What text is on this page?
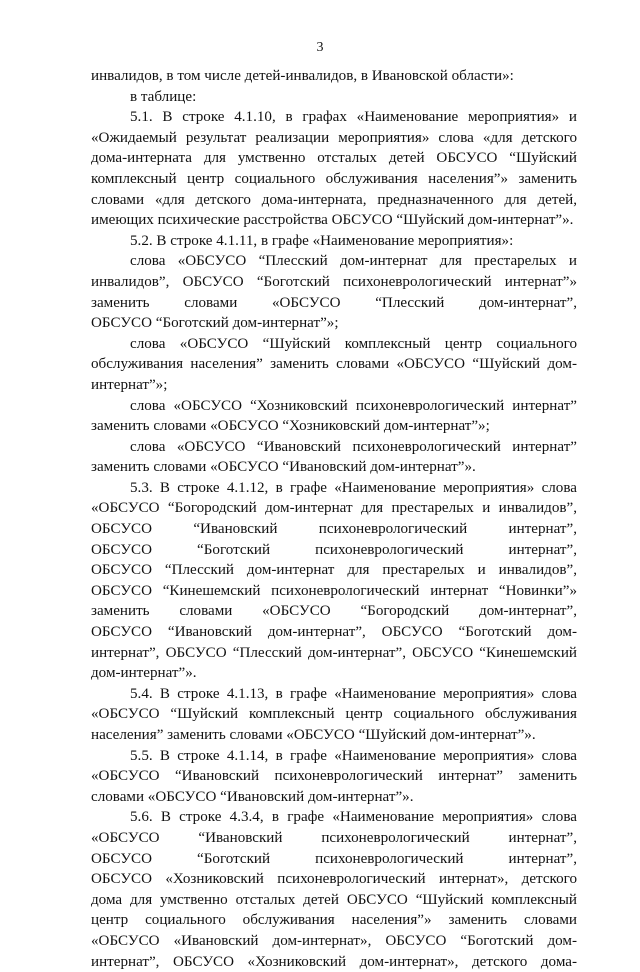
3
инвалидов, в том числе детей-инвалидов, в Ивановской области»:
в таблице:
5.1. В строке 4.1.10, в графах «Наименование мероприятия» и
«Ожидаемый результат реализации мероприятия» слова «для детского
дома-интерната для умственно отсталых детей ОБСУСО “Шуйский
комплексный центр социального обслуживания населения”» заменить
словами «для детского дома-интерната, предназначенного для детей,
имеющих психические расстройства ОБСУСО “Шуйский дом-интернат”».
5.2. В строке 4.1.11, в графе «Наименование мероприятия»:
слова «ОБСУСО “Плесский дом-интернат для престарелых и
инвалидов”, ОБСУСО “Боготский психоневрологический интернат”»
заменить словами «ОБСУСО “Плесский дом-интернат”,
ОБСУСО “Боготский дом-интернат”»;
слова «ОБСУСО “Шуйский комплексный центр социального
обслуживания населения” заменить словами «ОБСУСО “Шуйский дом-
интернат”»;
слова «ОБСУСО “Хозниковский психоневрологический интернат”
заменить словами «ОБСУСО “Хозниковский дом-интернат”»;
слова «ОБСУСО “Ивановский психоневрологический интернат”
заменить словами «ОБСУСО “Ивановский дом-интернат”».
5.3. В строке 4.1.12, в графе «Наименование мероприятия» слова
«ОБСУСО “Богородский дом-интернат для престарелых и инвалидов”,
ОБСУСО “Ивановский психоневрологический интернат”,
ОБСУСО “Боготский психоневрологический интернат”,
ОБСУСО “Плесский дом-интернат для престарелых и инвалидов”,
ОБСУСО “Кинешемский психоневрологический интернат “Новинки”»
заменить словами «ОБСУСО “Богородский дом-интернат”,
ОБСУСО “Ивановский дом-интернат”, ОБСУСО “Боготский дом-
интернат”, ОБСУСО “Плесский дом-интернат”, ОБСУСО “Кинешемский
дом-интернат”».
5.4. В строке 4.1.13, в графе «Наименование мероприятия» слова
«ОБСУСО “Шуйский комплексный центр социального обслуживания
населения” заменить словами «ОБСУСО “Шуйский дом-интернат”».
5.5. В строке 4.1.14, в графе «Наименование мероприятия» слова
«ОБСУСО “Ивановский психоневрологический интернат” заменить
словами «ОБСУСО “Ивановский дом-интернат”».
5.6. В строке 4.3.4, в графе «Наименование мероприятия» слова
«ОБСУСО “Ивановский психоневрологический интернат”,
ОБСУСО “Боготский психоневрологический интернат”,
ОБСУСО «Хозниковский психоневрологический интернат», детского
дома для умственно отсталых детей ОБСУСО “Шуйский комплексный
центр социального обслуживания населения”» заменить словами
«ОБСУСО «Ивановский дом-интернат», ОБСУСО “Боготский дом-
интернат”, ОБСУСО «Хозниковский дом-интернат», детского дома-
